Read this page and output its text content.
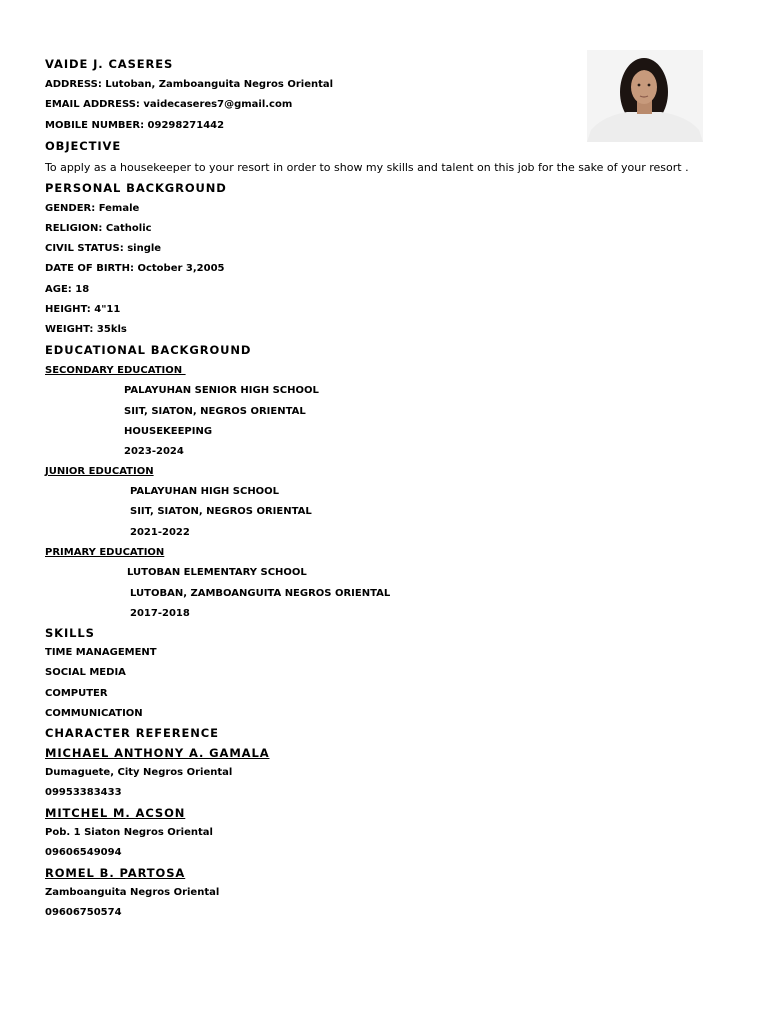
VAIDE J. CASERES
ADDRESS: Lutoban, Zamboanguita Negros Oriental
EMAIL ADDRESS: vaidecaseres7@gmail.com
MOBILE NUMBER: 09298271442
OBJECTIVE
To apply as a housekeeper to your resort in order to show my skills and talent on this job for the sake of your resort .
PERSONAL BACKGROUND
GENDER: Female
RELIGION: Catholic
CIVIL STATUS: single
DATE OF BIRTH: October 3,2005
AGE: 18
HEIGHT: 4"11
WEIGHT: 35kls
EDUCATIONAL BACKGROUND
SECONDARY EDUCATION
PALAYUHAN SENIOR HIGH SCHOOL
SIIT, SIATON, NEGROS ORIENTAL
HOUSEKEEPING
2023-2024
JUNIOR EDUCATION
PALAYUHAN HIGH SCHOOL
SIIT, SIATON, NEGROS ORIENTAL
2021-2022
PRIMARY EDUCATION
LUTOBAN ELEMENTARY SCHOOL
LUTOBAN, ZAMBOANGUITA NEGROS ORIENTAL
2017-2018
SKILLS
TIME MANAGEMENT
SOCIAL MEDIA
COMPUTER
COMMUNICATION
CHARACTER REFERENCE
MICHAEL ANTHONY A. GAMALA
Dumaguete, City Negros Oriental
09953383433
MITCHEL M. ACSON
Pob. 1 Siaton Negros Oriental
09606549094
ROMEL B. PARTOSA
Zamboanguita Negros Oriental
09606750574
